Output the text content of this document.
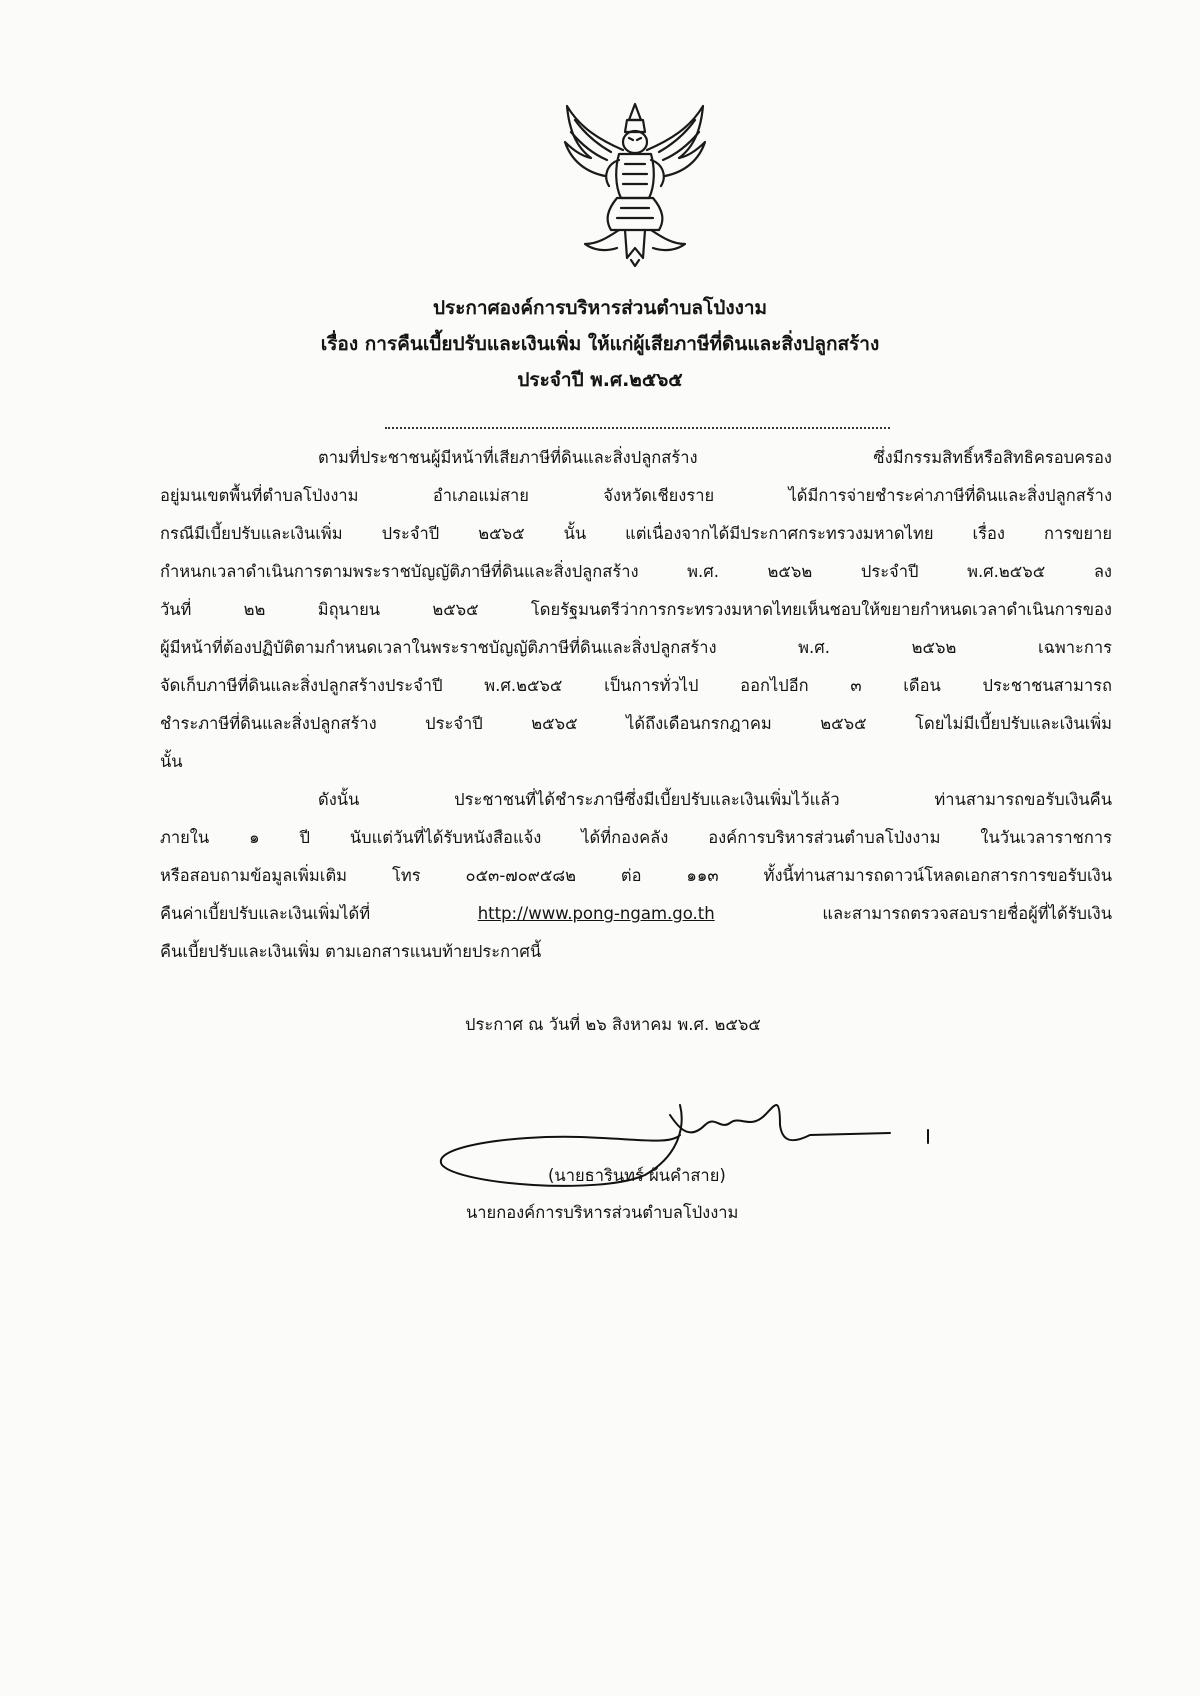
ประกาศองค์การบริหารส่วนตำบลโป่งงาม
เรื่อง การคืนเบี้ยปรับและเงินเพิ่ม ให้แก่ผู้เสียภาษีที่ดินและสิ่งปลูกสร้าง
ประจำปี พ.ศ.๒๕๖๕
ตามที่ประชาชนผู้มีหน้าที่เสียภาษีที่ดินและสิ่งปลูกสร้าง ซึ่งมีกรรมสิทธิ์หรือสิทธิครอบครอง
อยู่มนเขตพื้นที่ตำบลโป่งงาม อำเภอแม่สาย จังหวัดเชียงราย ได้มีการจ่ายชำระค่าภาษีที่ดินและสิ่งปลูกสร้าง
กรณีมีเบี้ยปรับและเงินเพิ่ม ประจำปี ๒๕๖๕ นั้น แต่เนื่องจากได้มีประกาศกระทรวงมหาดไทย เรื่อง การขยาย
กำหนกเวลาดำเนินการตามพระราชบัญญัติภาษีที่ดินและสิ่งปลูกสร้าง พ.ศ. ๒๕๖๒ ประจำปี พ.ศ.๒๕๖๕ ลง
วันที่ ๒๒ มิถุนายน ๒๕๖๕ โดยรัฐมนตรีว่าการกระทรวงมหาดไทยเห็นชอบให้ขยายกำหนดเวลาดำเนินการของ
ผู้มีหน้าที่ต้องปฏิบัติตามกำหนดเวลาในพระราชบัญญัติภาษีที่ดินและสิ่งปลูกสร้าง พ.ศ. ๒๕๖๒ เฉพาะการ
จัดเก็บภาษีที่ดินและสิ่งปลูกสร้างประจำปี พ.ศ.๒๕๖๕ เป็นการทั่วไป ออกไปอีก ๓ เดือน ประชาชนสามารถ
ชำระภาษีที่ดินและสิ่งปลูกสร้าง ประจำปี ๒๕๖๕ ได้ถึงเดือนกรกฎาคม ๒๕๖๕ โดยไม่มีเบี้ยปรับและเงินเพิ่ม
นั้น
ดังนั้น ประชาชนที่ได้ชำระภาษีซึ่งมีเบี้ยปรับและเงินเพิ่มไว้แล้ว ท่านสามารถขอรับเงินคืน
ภายใน ๑ ปี นับแต่วันที่ได้รับหนังสือแจ้ง ได้ที่กองคลัง องค์การบริหารส่วนตำบลโป่งงาม ในวันเวลาราชการ
หรือสอบถามข้อมูลเพิ่มเติม โทร ๐๕๓-๗๐๙๕๘๒ ต่อ ๑๑๓ ทั้งนี้ท่านสามารถดาวน์โหลดเอกสารการขอรับเงิน
คืนค่าเบี้ยปรับและเงินเพิ่มได้ที่ http://www.pong-ngam.go.th และสามารถตรวจสอบรายชื่อผู้ที่ได้รับเงิน
คืนเบี้ยปรับและเงินเพิ่ม ตามเอกสารแนบท้ายประกาศนี้
ประกาศ ณ วันที่ ๒๖ สิงหาคม พ.ศ. ๒๕๖๕
(นายธารินทร์ ผ้นคำสาย)
นายกองค์การบริหารส่วนตำบลโป่งงาม
